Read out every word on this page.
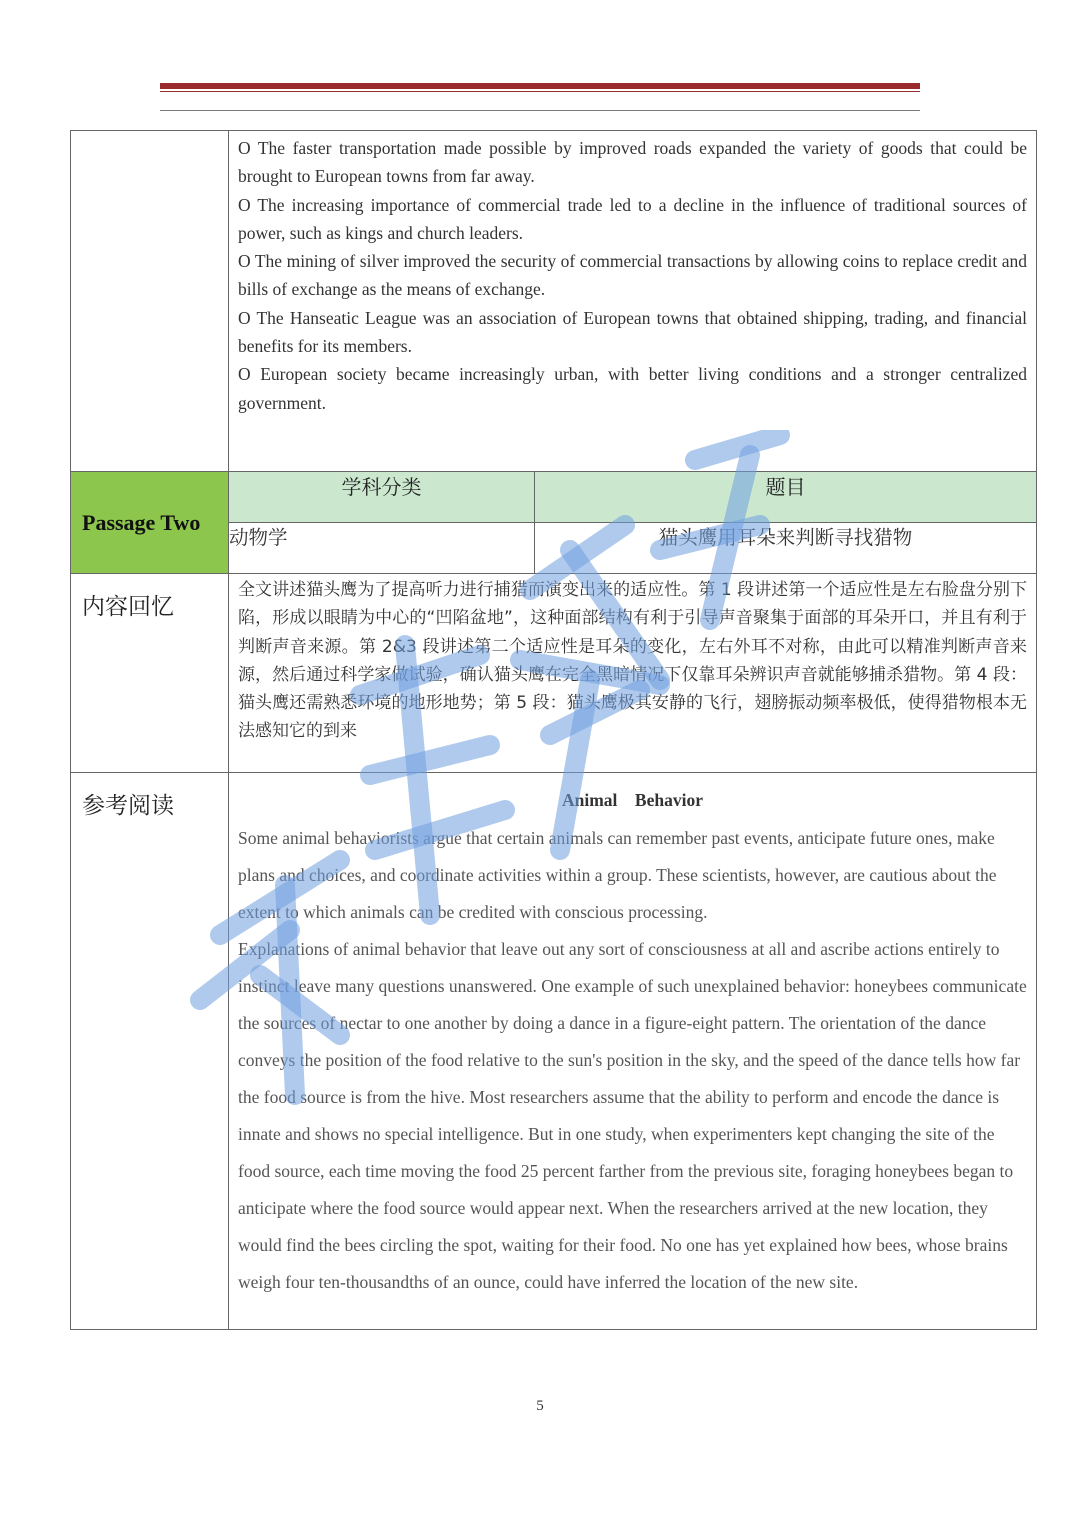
	O The faster transportation made possible by improved roads expanded the variety of goods that could be brought to European towns from far away.

O The increasing importance of commercial trade led to a decline in the influence of traditional sources of power, such as kings and church leaders.

O The mining of silver improved the security of commercial transactions by allowing coins to replace credit and bills of exchange as the means of exchange.

O The Hanseatic League was an association of European towns that obtained shipping, trading, and financial benefits for its members.

O European society became increasingly urban, with better living conditions and a stronger centralized government.	

Passage Two	学科分类	题目
	动物学	猫头鹰用耳朵来判断寻找猎物

内容回忆	全文讲述猫头鹰为了提高听力进行捕猎而演变出来的适应性。第 1 段讲述第一个适应性是左右脸盘分别下陷，形成以眼睛为中心的“凹陷盆地”，这种面部结构有利于引导声音聚集于面部的耳朵开口，并且有利于判断声音来源。第 2&3 段讲述第二个适应性是耳朵的变化，左右外耳不对称，由此可以精准判断声音来源，然后通过科学家做试验，确认猫头鹰在完全黑暗情况下仅靠耳朵辨识声音就能够捕杀猎物。第 4 段：猫头鹰还需熟悉环境的地形地势；第 5 段：猫头鹰极其安静的飞行，翅膀振动频率极低，使得猎物根本无法感知它的到来	

参考阅读	Animal　Behavior

Some animal behaviorists argue that certain animals can remember past events, anticipate future ones, make plans and choices, and coordinate activities within a group. These scientists, however, are cautious about the extent to which animals can be credited with conscious processing.

Explanations of animal behavior that leave out any sort of consciousness at all and ascribe actions entirely to instinct leave many questions unanswered. One example of such unexplained behavior: honeybees communicate the sources of nectar to one another by doing a dance in a figure-eight pattern. The orientation of the dance conveys the position of the food relative to the sun's position in the sky, and the speed of the dance tells how far the food source is from the hive. Most researchers assume that the ability to perform and encode the dance is innate and shows no special intelligence. But in one study, when experimenters kept changing the site of the food source, each time moving the food 25 percent farther from the previous site, foraging honeybees began to anticipate where the food source would appear next. When the researchers arrived at the new location, they would find the bees circling the spot, waiting for their food. No one has yet explained how bees, whose brains weigh four ten-thousandths of an ounce, could have inferred the location of the new site.	

5
